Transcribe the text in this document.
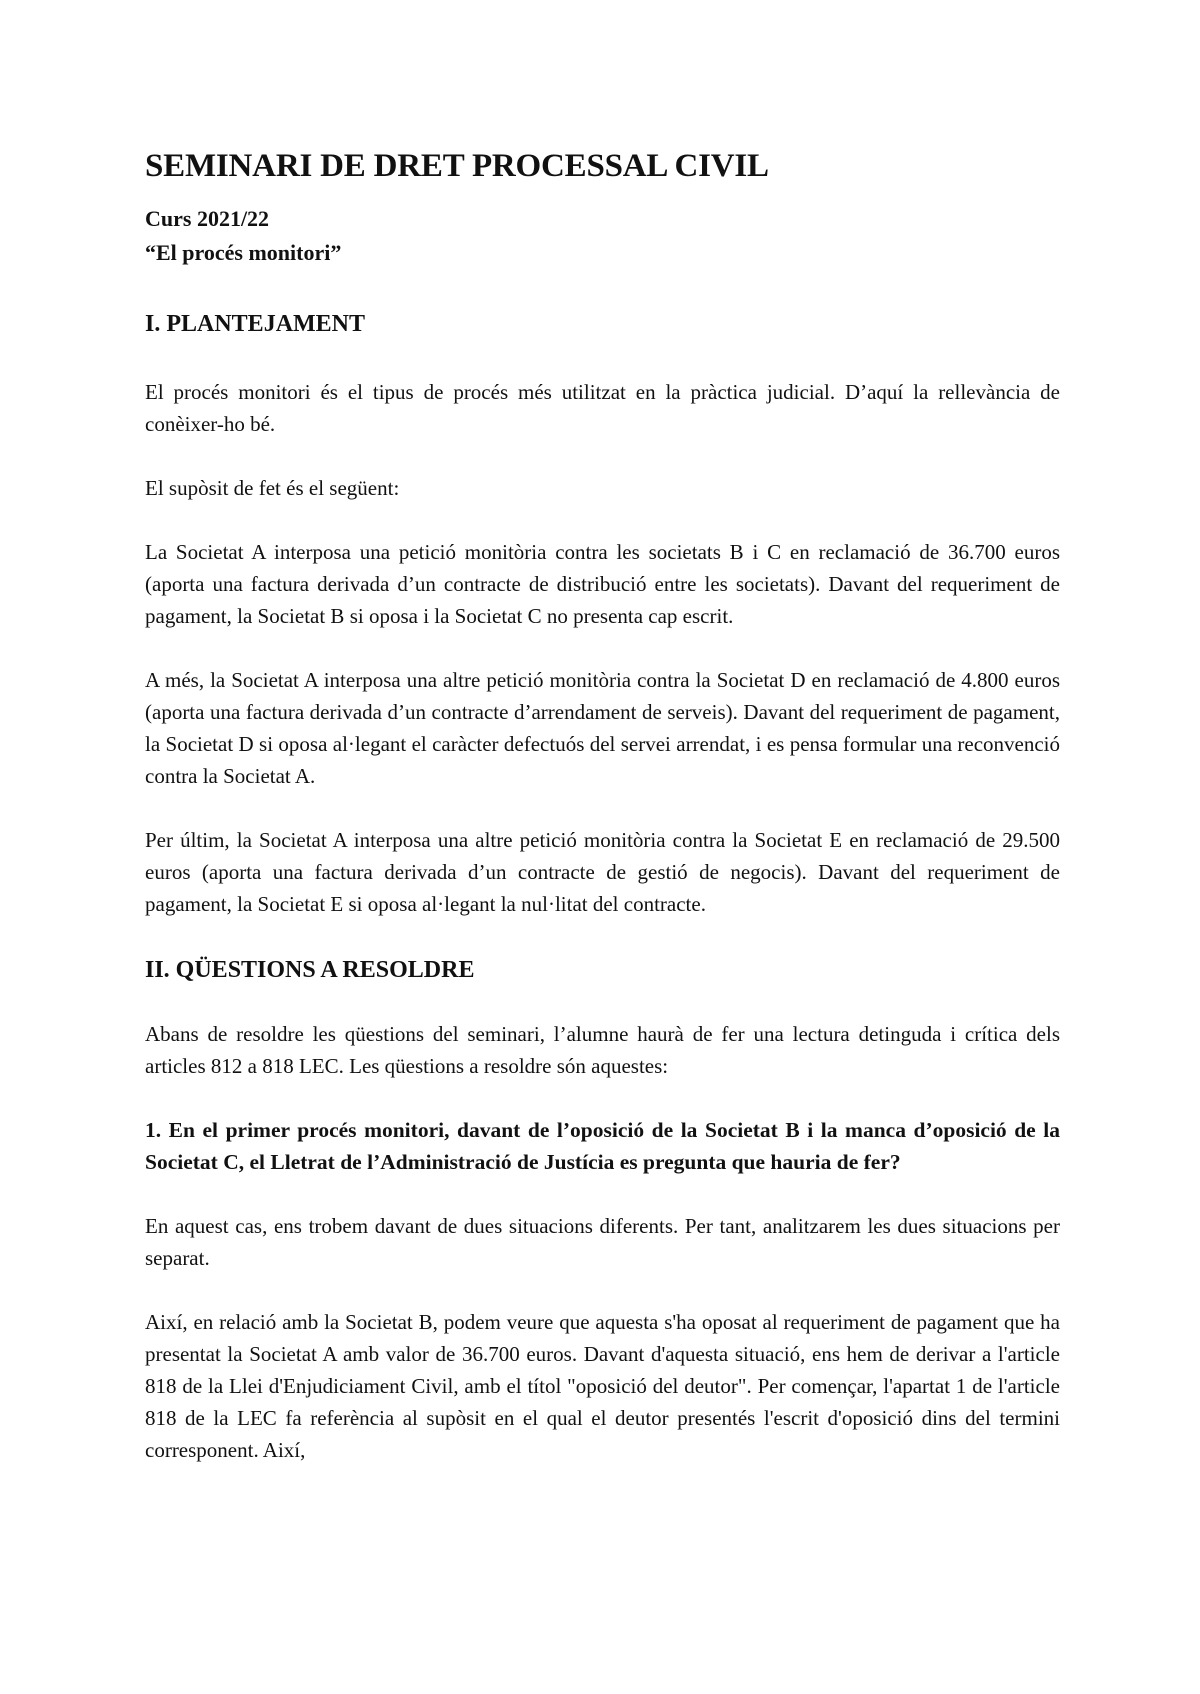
SEMINARI DE DRET PROCESSAL CIVIL

Curs 2021/22

“El procés monitori”

I. PLANTEJAMENT

El procés monitori és el tipus de procés més utilitzat en la pràctica judicial. D’aquí la rellevància de conèixer-ho bé.

El supòsit de fet és el següent:

La Societat A interposa una petició monitòria contra les societats B i C en reclamació de 36.700 euros (aporta una factura derivada d’un contracte de distribució entre les societats). Davant del requeriment de pagament, la Societat B si oposa i la Societat C no presenta cap escrit.

A més, la Societat A interposa una altre petició monitòria contra la Societat D en reclamació de 4.800 euros (aporta una factura derivada d’un contracte d’arrendament de serveis). Davant del requeriment de pagament, la Societat D si oposa al·legant el caràcter defectuós del servei arrendat, i es pensa formular una reconvenció contra la Societat A.

Per últim, la Societat A interposa una altre petició monitòria contra la Societat E en reclamació de 29.500 euros (aporta una factura derivada d’un contracte de gestió de negocis). Davant del requeriment de pagament, la Societat E si oposa al·legant la nul·litat del contracte.

II. QÜESTIONS A RESOLDRE

Abans de resoldre les qüestions del seminari, l’alumne haurà de fer una lectura detinguda i crítica dels articles 812 a 818 LEC. Les qüestions a resoldre són aquestes:

1. En el primer procés monitori, davant de l’oposició de la Societat B i la manca d’oposició de la Societat C, el Lletrat de l’Administració de Justícia es pregunta que hauria de fer?

En aquest cas, ens trobem davant de dues situacions diferents. Per tant, analitzarem les dues situacions per separat.

Així, en relació amb la Societat B, podem veure que aquesta s'ha oposat al requeriment de pagament que ha presentat la Societat A amb valor de 36.700 euros. Davant d'aquesta situació, ens hem de derivar a l'article 818 de la Llei d'Enjudiciament Civil, amb el títol "oposició del deutor". Per començar, l'apartat 1 de l'article 818 de la LEC fa referència al supòsit en el qual el deutor presentés l'escrit d'oposició dins del termini corresponent. Així,
